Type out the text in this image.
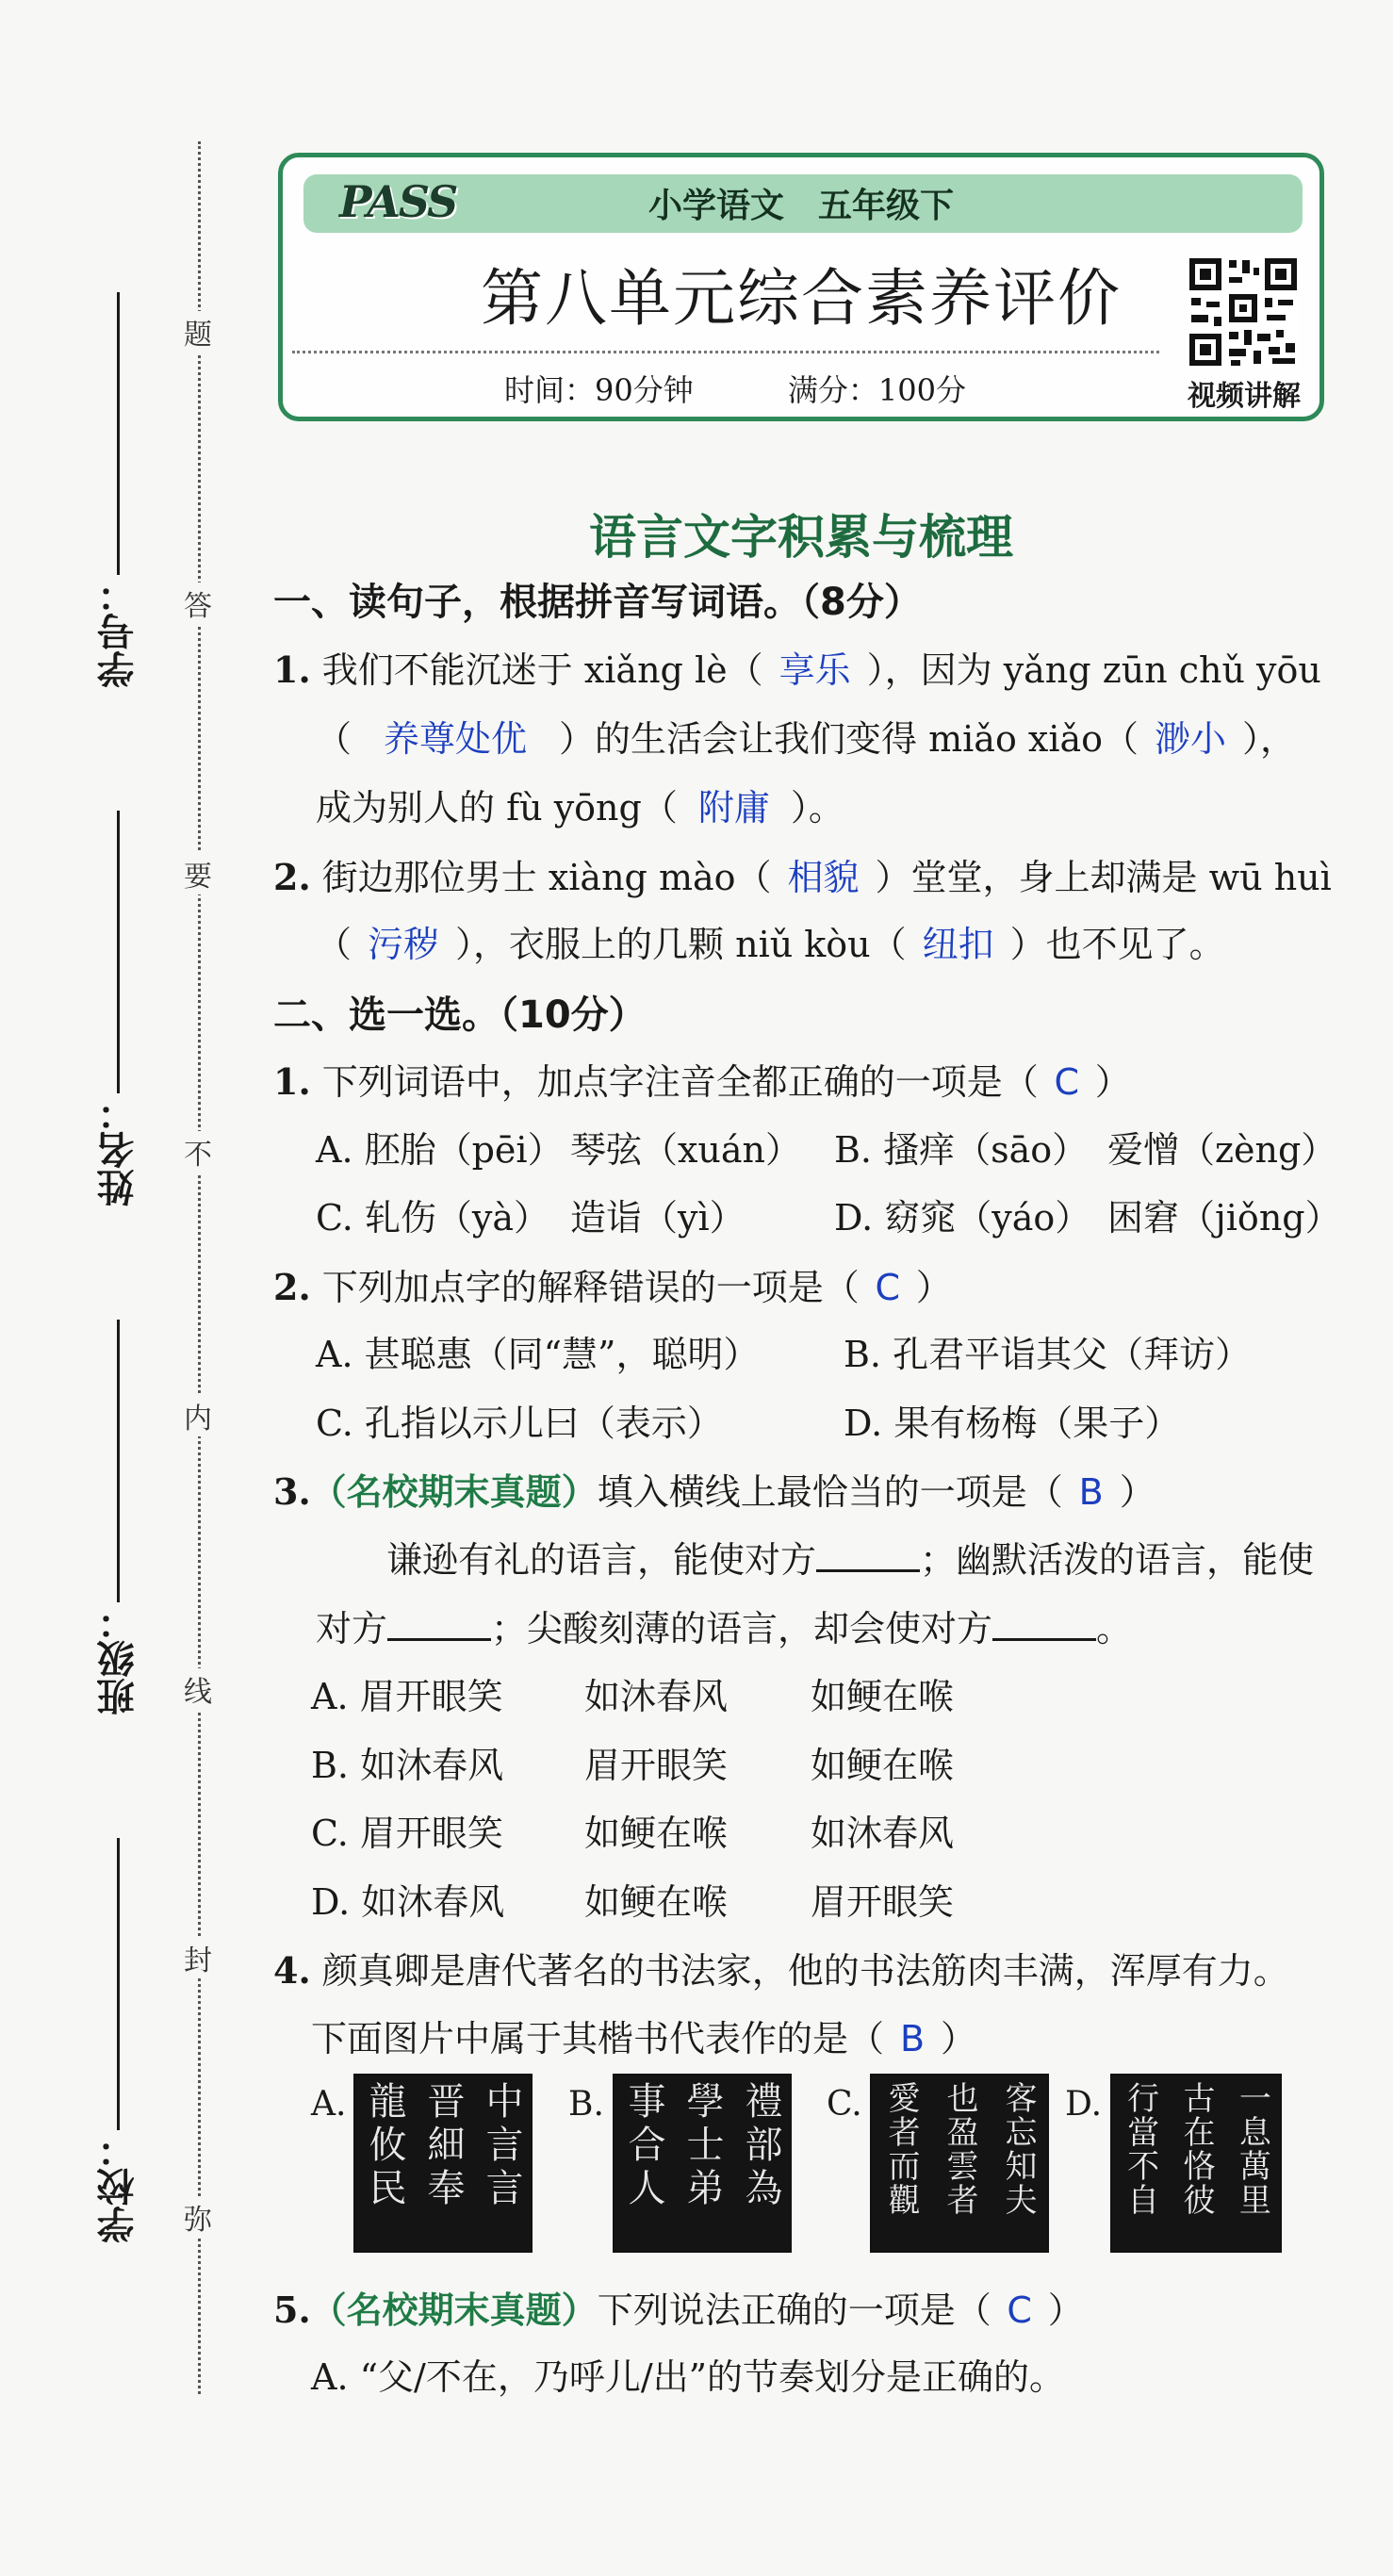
题
答
要
不
内
线
封
弥
学号：
姓名：
班级：
学校：
PASS	小学语文　五年级下
第八单元综合素养评价
时间：90分钟	满分：100分	视频讲解
语言文字积累与梳理
一、读句子，根据拼音写词语。（8分）
1. 我们不能沉迷于 xiǎng lè（ 享乐 ），因为 yǎng zūn chǔ yōu
（ 养尊处优 ）的生活会让我们变得 miǎo xiǎo（ 渺小 ），
成为别人的 fù yōng（ 附庸 ）。
2. 街边那位男士 xiàng mào（ 相貌 ）堂堂，身上却满是 wū huì
（ 污秽 ），衣服上的几颗 niǔ kòu（ 纽扣 ）也不见了。
二、选一选。（10分）
1. 下列词语中，加点字注音全都正确的一项是（ C ）
A. 胚胎（pēi） 琴弦（xuán） B. 搔痒（sāo） 爱憎（zèng）
C. 轧伤（yà） 造诣（yì） D. 窈窕（yáo） 困窘（jiǒng）
2. 下列加点字的解释错误的一项是（ C ）
A. 甚聪惠（同“慧”，聪明） B. 孔君平诣其父（拜访）
C. 孔指以示儿曰（表示）	D. 果有杨梅（果子）
3.（名校期末真题）填入横线上最恰当的一项是（ B ）
谦逊有礼的语言，能使对方	；幽默活泼的语言，能使
对方	；尖酸刻薄的语言，却会使对方	。
A. 眉开眼笑 如沐春风 如鲠在喉
B. 如沐春风 眉开眼笑 如鲠在喉
C. 眉开眼笑 如鲠在喉 如沐春风
D. 如沐春风 如鲠在喉 眉开眼笑
4. 颜真卿是唐代著名的书法家，他的书法筋肉丰满，浑厚有力。
下面图片中属于其楷书代表作的是（ B ）
A.	中言言
晋細奉
龍攸民	B.	禮部為
學士弟
事合人	C.	客忘知夫
也盈雲者
愛者而觀	D.	一息萬里
古在恪彼
行當不自
5.（名校期末真题）下列说法正确的一项是（ C ）
A. “父/不在，乃呼儿/出”的节奏划分是正确的。
